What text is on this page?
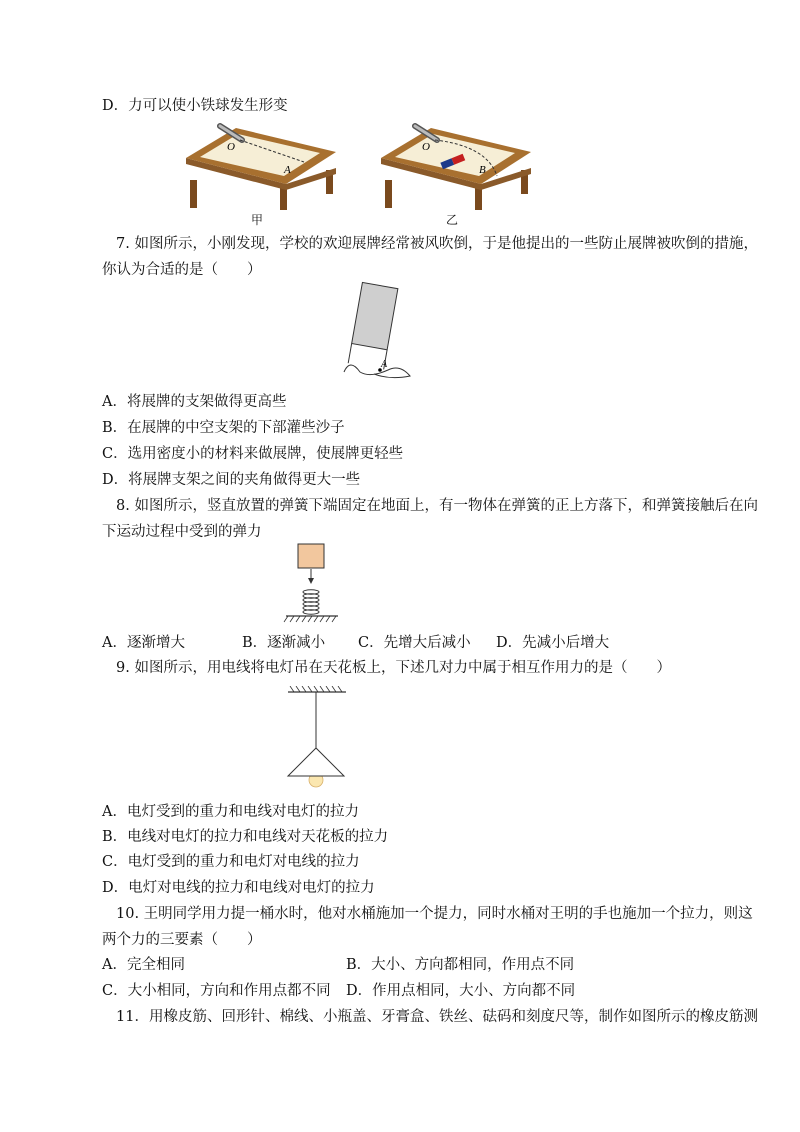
D．力可以使小铁球发生形变
O
A
甲
O
B
乙
7. 如图所示，小刚发现，学校的欢迎展牌经常被风吹倒，于是他提出的一些防止展牌被吹倒的措施，
你认为合适的是（　　）
A
A．将展牌的支架做得更高些
B．在展牌的中空支架的下部灌些沙子
C．选用密度小的材料来做展牌，使展牌更轻些
D．将展牌支架之间的夹角做得更大一些
8. 如图所示，竖直放置的弹簧下端固定在地面上，有一物体在弹簧的正上方落下，和弹簧接触后在向
下运动过程中受到的弹力
A．逐渐增大	B．逐渐减小 C．先增大后减小 D．先减小后增大
9. 如图所示，用电线将电灯吊在天花板上，下述几对力中属于相互作用力的是（　　）
A．电灯受到的重力和电线对电灯的拉力
B．电线对电灯的拉力和电线对天花板的拉力
C．电灯受到的重力和电灯对电线的拉力
D．电灯对电线的拉力和电线对电灯的拉力
10. 王明同学用力提一桶水时，他对水桶施加一个提力，同时水桶对王明的手也施加一个拉力，则这
两个力的三要素（　　）
A．完全相同	B．大小、方向都相同，作用点不同
C．大小相同，方向和作用点都不同 D．作用点相同，大小、方向都不同
11．用橡皮筋、回形针、棉线、小瓶盖、牙膏盒、铁丝、砝码和刻度尺等，制作如图所示的橡皮筋测
